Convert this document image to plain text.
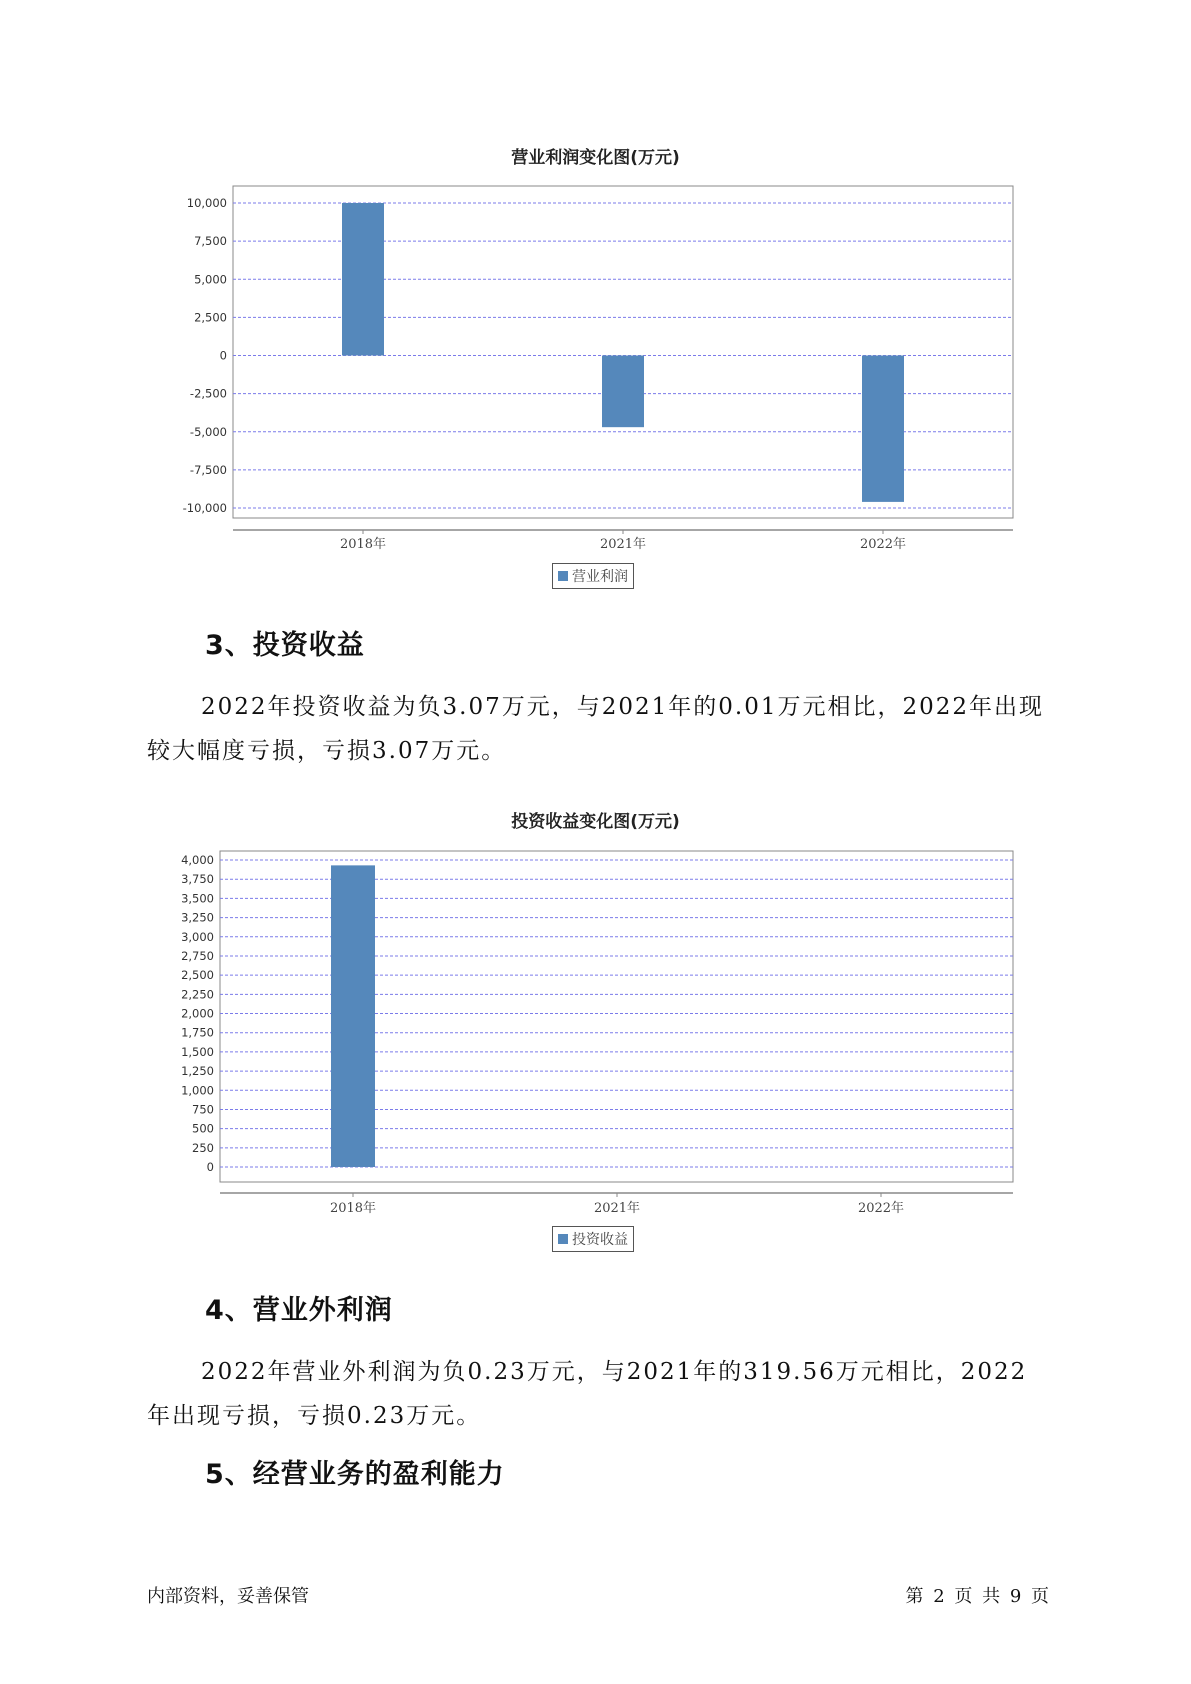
营业利润变化图(万元)
10,000
7,500
5,000
2,500
0
-2,500
-5,000
-7,500
-10,000
2018年	2021年	2022年
营业利润
3、投资收益

2022年投资收益为负3.07万元，与2021年的0.01万元相比，2022年出现较大幅度亏损，亏损3.07万元。

投资收益变化图(万元)
4,000
3,750
3,500
3,250
3,000
2,750
2,500
2,250
2,000
1,750
1,500
1,250
1,000
750
500
250
0
2018年	2021年	2022年
投资收益
4、营业外利润

2022年营业外利润为负0.23万元，与2021年的319.56万元相比，2022年出现亏损，亏损0.23万元。

5、经营业务的盈利能力
内部资料，妥善保管	第 2 页 共 9 页
